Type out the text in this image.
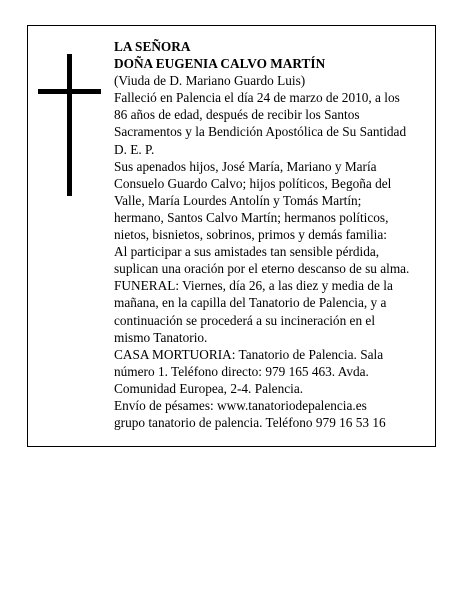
LA SEÑORA
DOÑA EUGENIA CALVO MARTÍN
(Viuda de D. Mariano Guardo Luis)

Falleció en Palencia el día 24 de marzo de 2010, a los
86 años de edad, después de recibir los Santos
Sacramentos y la Bendición Apostólica de Su Santidad
D. E. P.

Sus apenados hijos, José María, Mariano y María
Consuelo Guardo Calvo; hijos políticos, Begoña del
Valle, María Lourdes Antolín y Tomás Martín;
hermano, Santos Calvo Martín; hermanos políticos,
nietos, bisnietos, sobrinos, primos y demás familia:

Al participar a sus amistades tan sensible pérdida,
suplican una oración por el eterno descanso de su alma.

FUNERAL: Viernes, día 26, a las diez y media de la
mañana, en la capilla del Tanatorio de Palencia, y a
continuación se procederá a su incineración en el
mismo Tanatorio.

CASA MORTUORIA: Tanatorio de Palencia. Sala
número 1. Teléfono directo: 979 165 463. Avda.
Comunidad Europea, 2-4. Palencia.

Envío de pésames: www.tanatoriodepalencia.es
grupo tanatorio de palencia. Teléfono 979 16 53 16
